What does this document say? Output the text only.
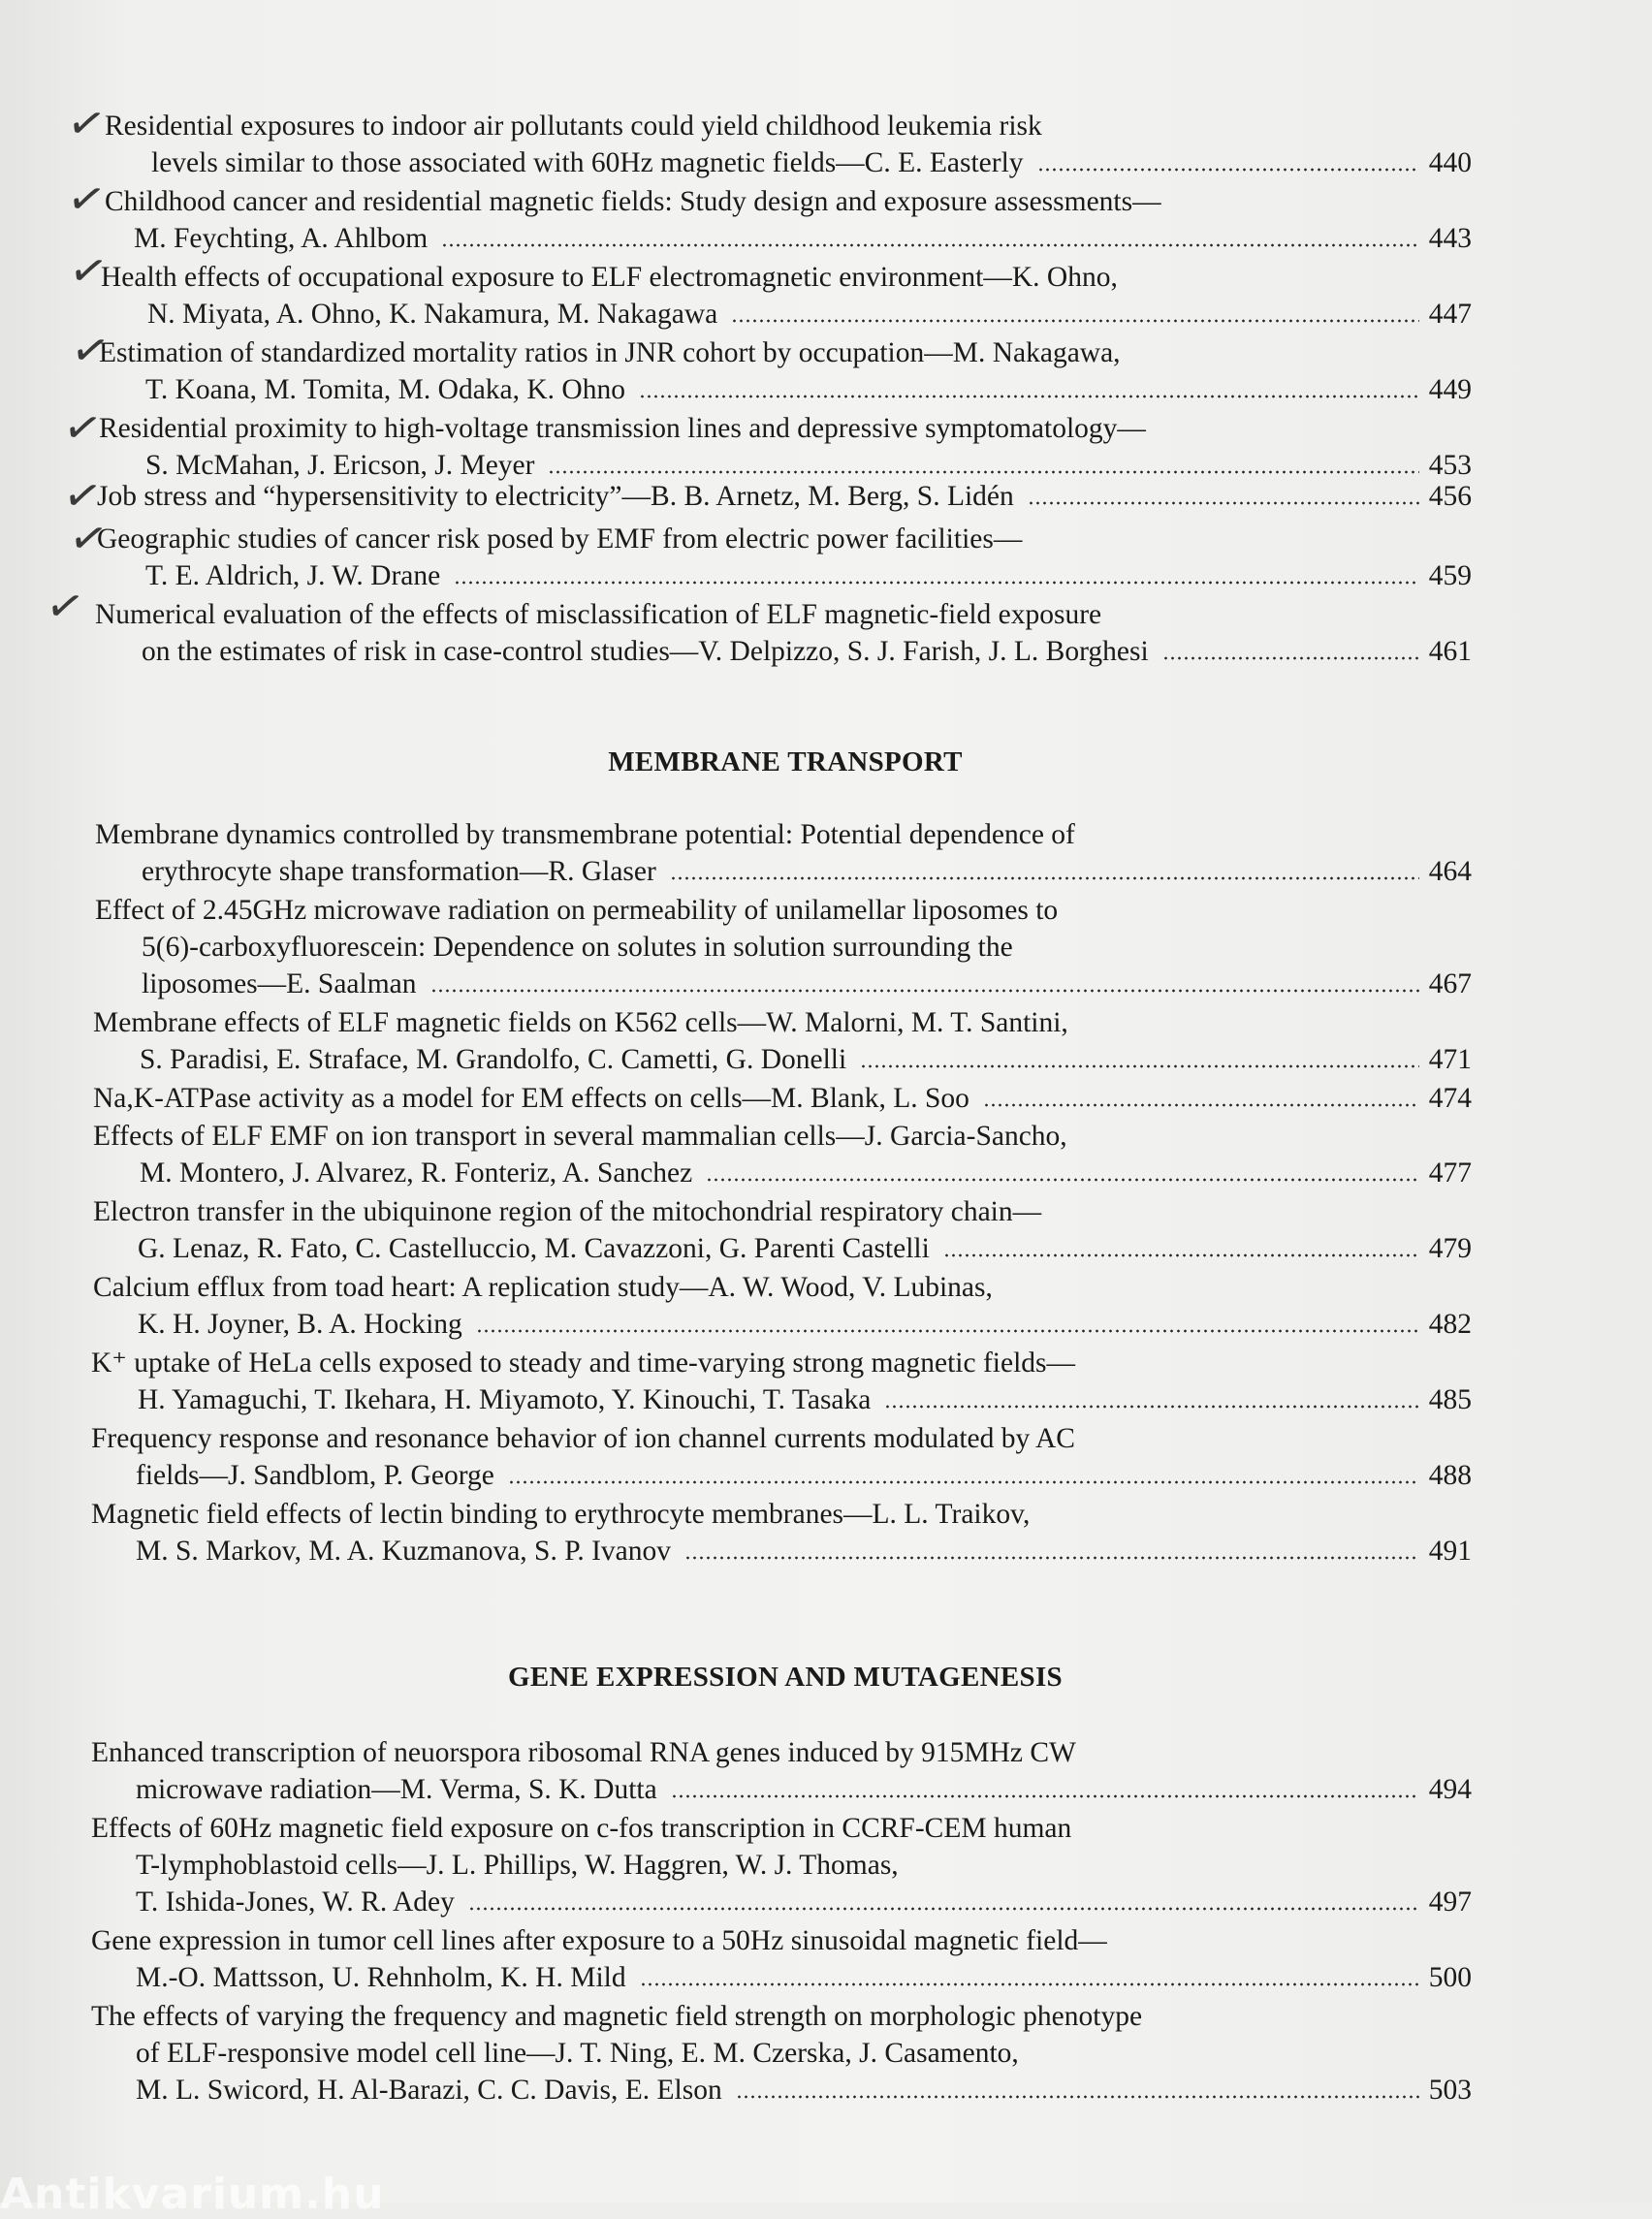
Residential exposures to indoor air pollutants could yield childhood leukemia risk
levels similar to those associated with 60Hz magnetic fields—C. E. Easterly	440
✓
Childhood cancer and residential magnetic fields: Study design and exposure assessments—
M. Feychting, A. Ahlbom	443
✓
Health effects of occupational exposure to ELF electromagnetic environment—K. Ohno,
N. Miyata, A. Ohno, K. Nakamura, M. Nakagawa	447
✓
Estimation of standardized mortality ratios in JNR cohort by occupation—M. Nakagawa,
T. Koana, M. Tomita, M. Odaka, K. Ohno	449
✓
Residential proximity to high-voltage transmission lines and depressive symptomatology—
S. McMahan, J. Ericson, J. Meyer	453
✓
Job stress and “hypersensitivity to electricity”—B. B. Arnetz, M. Berg, S. Lidén	456
✓
Geographic studies of cancer risk posed by EMF from electric power facilities—
T. E. Aldrich, J. W. Drane	459
✓
Numerical evaluation of the effects of misclassification of ELF magnetic-field exposure
on the estimates of risk in case-control studies—V. Delpizzo, S. J. Farish, J. L. Borghesi	461
✓
MEMBRANE TRANSPORT
Membrane dynamics controlled by transmembrane potential: Potential dependence of
erythrocyte shape transformation—R. Glaser	464
Effect of 2.45GHz microwave radiation on permeability of unilamellar liposomes to
5(6)-carboxyfluorescein: Dependence on solutes in solution surrounding the
liposomes—E. Saalman	467
Membrane effects of ELF magnetic fields on K562 cells—W. Malorni, M. T. Santini,
S. Paradisi, E. Straface, M. Grandolfo, C. Cametti, G. Donelli	471
Na,K-ATPase activity as a model for EM effects on cells—M. Blank, L. Soo	474
Effects of ELF EMF on ion transport in several mammalian cells—J. Garcia-Sancho,
M. Montero, J. Alvarez, R. Fonteriz, A. Sanchez	477
Electron transfer in the ubiquinone region of the mitochondrial respiratory chain—
G. Lenaz, R. Fato, C. Castelluccio, M. Cavazzoni, G. Parenti Castelli	479
Calcium efflux from toad heart: A replication study—A. W. Wood, V. Lubinas,
K. H. Joyner, B. A. Hocking	482
K⁺ uptake of HeLa cells exposed to steady and time-varying strong magnetic fields—
H. Yamaguchi, T. Ikehara, H. Miyamoto, Y. Kinouchi, T. Tasaka	485
Frequency response and resonance behavior of ion channel currents modulated by AC
fields—J. Sandblom, P. George	488
Magnetic field effects of lectin binding to erythrocyte membranes—L. L. Traikov,
M. S. Markov, M. A. Kuzmanova, S. P. Ivanov	491
GENE EXPRESSION AND MUTAGENESIS
Enhanced transcription of neuorspora ribosomal RNA genes induced by 915MHz CW
microwave radiation—M. Verma, S. K. Dutta	494
Effects of 60Hz magnetic field exposure on c-fos transcription in CCRF-CEM human
T-lymphoblastoid cells—J. L. Phillips, W. Haggren, W. J. Thomas,
T. Ishida-Jones, W. R. Adey	497
Gene expression in tumor cell lines after exposure to a 50Hz sinusoidal magnetic field—
M.-O. Mattsson, U. Rehnholm, K. H. Mild	500
The effects of varying the frequency and magnetic field strength on morphologic phenotype
of ELF-responsive model cell line—J. T. Ning, E. M. Czerska, J. Casamento,
M. L. Swicord, H. Al-Barazi, C. C. Davis, E. Elson	503
Antikvarium.hu
